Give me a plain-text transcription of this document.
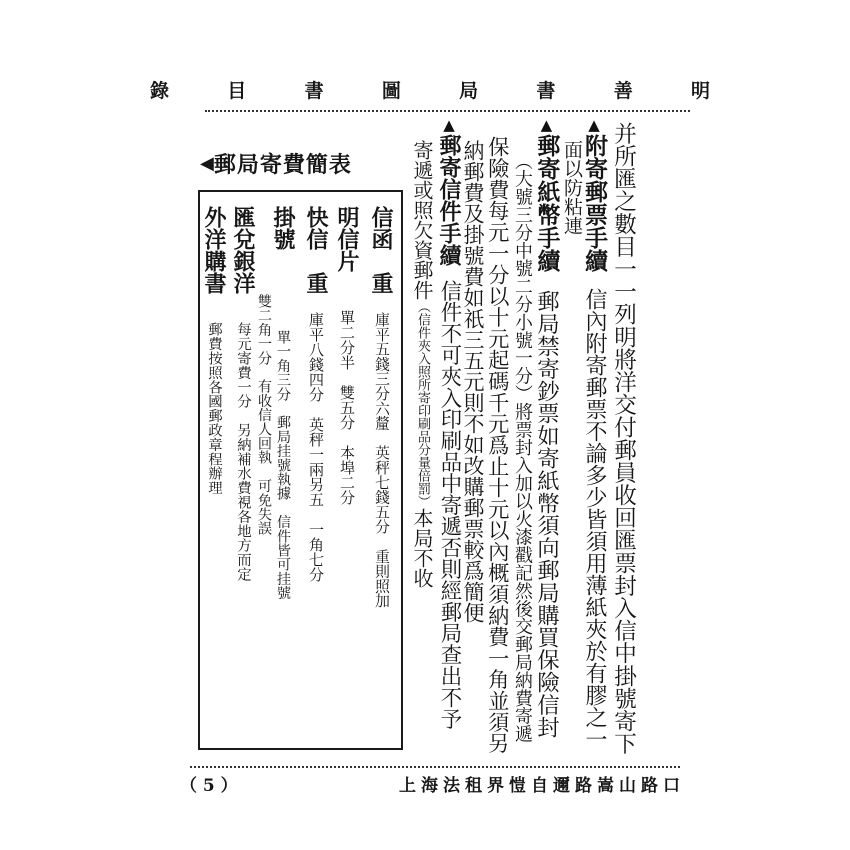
明
善
書
局
圖
書
目
錄
并所匯之數目一一列明將洋交付郵員收回匯票封入信中掛號寄下
▲附寄郵票手續信內附寄郵票不論多少皆須用薄紙夾於有膠之一
面以防粘連
▲郵寄紙幣手續郵局禁寄鈔票如寄紙幣須向郵局購買保險信封
（大號三分中號二分小號一分）將票封入加以火漆戳記然後交郵局納費寄遞
保險費每元一分以十元起碼千元爲止十元以內概須納費一角並須另
納郵費及掛號費如祇三五元則不如改購郵票較爲簡便
▲郵寄信件手續信件不可夾入印刷品中寄遞否則經郵局查出不予
寄遞或照欠資郵件（信件夾入照所寄印刷品分量倍罰）本局不收
◀ 郵局寄費簡表
信函　重庫平五錢三分六釐　英秤七錢五分　重則照加
明信片單二分半　雙五分　本埠二分
快信　重庫平八錢四分　英秤一兩另五　一角七分
掛號單一角三分　郵局挂號執據　信件皆可挂號
雙二角一分　有收信人回執　可免失誤
匯兌銀洋每元寄費一分　另納補水費視各地方而定
外洋購書郵費按照各國郵政章程辦理
（ 5 ）	上海法租界愷自邇路嵩山路口
